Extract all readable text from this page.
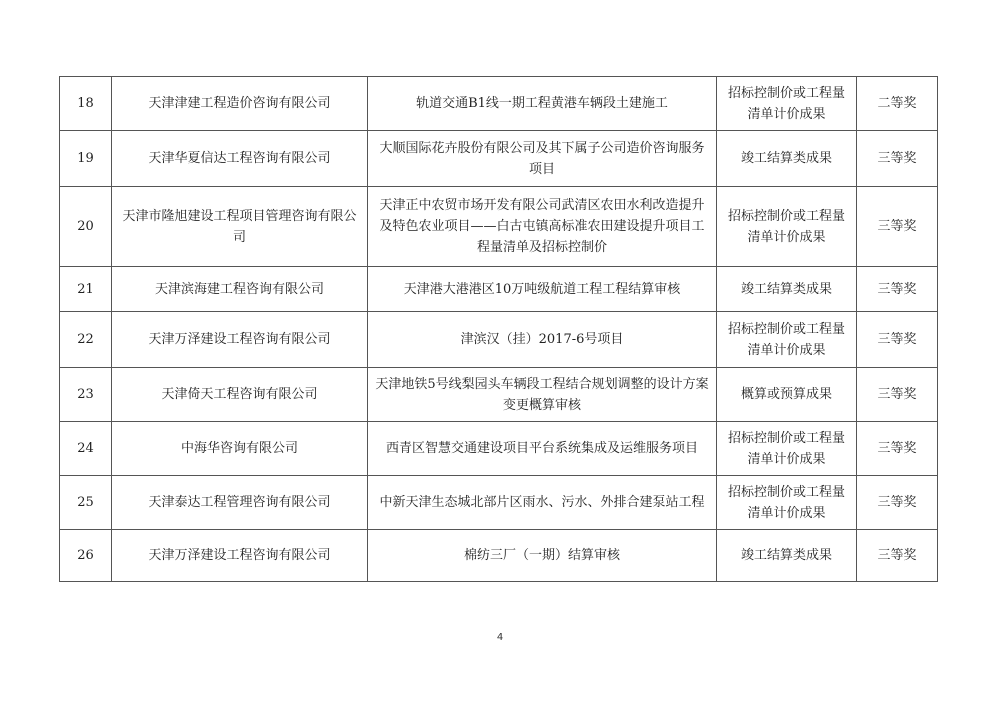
18	天津津建工程造价咨询有限公司	轨道交通B1线一期工程黄港车辆段土建施工	招标控制价或工程量清单计价成果	二等奖
19	天津华夏信达工程咨询有限公司	大顺国际花卉股份有限公司及其下属子公司造价咨询服务项目	竣工结算类成果	三等奖
20	天津市隆旭建设工程项目管理咨询有限公司	天津正中农贸市场开发有限公司武清区农田水利改造提升及特色农业项目——白古屯镇高标准农田建设提升项目工程量清单及招标控制价	招标控制价或工程量清单计价成果	三等奖
21	天津滨海建工程咨询有限公司	天津港大港港区10万吨级航道工程工程结算审核	竣工结算类成果	三等奖
22	天津万泽建设工程咨询有限公司	津滨汉（挂）2017-6号项目	招标控制价或工程量清单计价成果	三等奖
23	天津倚天工程咨询有限公司	天津地铁5号线梨园头车辆段工程结合规划调整的设计方案变更概算审核	概算或预算成果	三等奖
24	中海华咨询有限公司	西青区智慧交通建设项目平台系统集成及运维服务项目	招标控制价或工程量清单计价成果	三等奖
25	天津泰达工程管理咨询有限公司	中新天津生态城北部片区雨水、污水、外排合建泵站工程	招标控制价或工程量清单计价成果	三等奖
26	天津万泽建设工程咨询有限公司	棉纺三厂（一期）结算审核	竣工结算类成果	三等奖
4
